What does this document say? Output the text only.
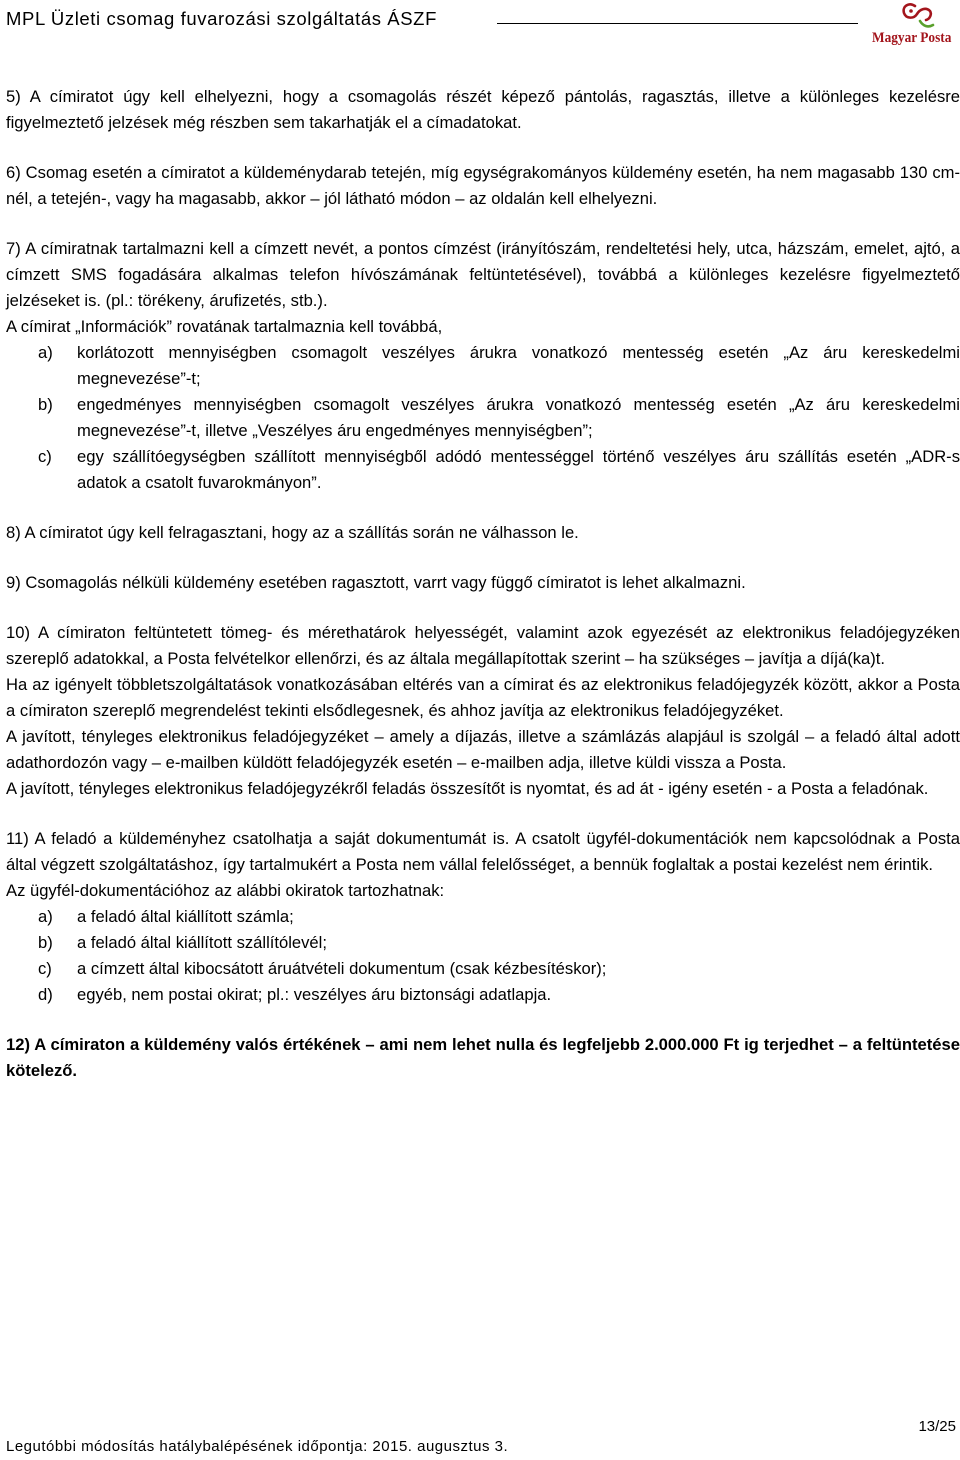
MPL Üzleti csomag fuvarozási szolgáltatás ÁSZF
Magyar Posta

5) A címiratot úgy kell elhelyezni, hogy a csomagolás részét képező pántolás, ragasztás, illetve a különleges kezelésre figyelmeztető jelzések még részben sem takarhatják el a címadatokat.

6) Csomag esetén a címiratot a küldeménydarab tetején, míg egységrakományos küldemény esetén, ha nem magasabb 130 cm-nél, a tetején-, vagy ha magasabb, akkor – jól látható módon – az oldalán kell elhelyezni.

7) A címiratnak tartalmazni kell a címzett nevét, a pontos címzést (irányítószám, rendeltetési hely, utca, házszám, emelet, ajtó, a címzett SMS fogadására alkalmas telefon hívószámának feltüntetésével), továbbá a különleges kezelésre figyelmeztető jelzéseket is. (pl.: törékeny, árufizetés, stb.).

A címirat „Információk” rovatának tartalmaznia kell továbbá,

a) korlátozott mennyiségben csomagolt veszélyes árukra vonatkozó mentesség esetén „Az áru kereskedelmi megnevezése”-t;
b) engedményes mennyiségben csomagolt veszélyes árukra vonatkozó mentesség esetén „Az áru kereskedelmi megnevezése”-t, illetve „Veszélyes áru engedményes mennyiségben”;
c) egy szállítóegységben szállított mennyiségből adódó mentességgel történő veszélyes áru szállítás esetén „ADR-s adatok a csatolt fuvarokmányon”.

8) A címiratot úgy kell felragasztani, hogy az a szállítás során ne válhasson le.

9) Csomagolás nélküli küldemény esetében ragasztott, varrt vagy függő címiratot is lehet alkalmazni.

10) A címiraton feltüntetett tömeg- és mérethatárok helyességét, valamint azok egyezését az elektronikus feladójegyzéken szereplő adatokkal, a Posta felvételkor ellenőrzi, és az általa megállapítottak szerint – ha szükséges – javítja a díjá(ka)t.

Ha az igényelt többletszolgáltatások vonatkozásában eltérés van a címirat és az elektronikus feladójegyzék között, akkor a Posta a címiraton szereplő megrendelést tekinti elsődlegesnek, és ahhoz javítja az elektronikus feladójegyzéket.

A javított, tényleges elektronikus feladójegyzéket – amely a díjazás, illetve a számlázás alapjául is szolgál – a feladó által adott adathordozón vagy – e-mailben küldött feladójegyzék esetén – e-mailben adja, illetve küldi vissza a Posta.

A javított, tényleges elektronikus feladójegyzékről feladás összesítőt is nyomtat, és ad át - igény esetén - a Posta a feladónak.

11) A feladó a küldeményhez csatolhatja a saját dokumentumát is. A csatolt ügyfél-dokumentációk nem kapcsolódnak a Posta által végzett szolgáltatáshoz, így tartalmukért a Posta nem vállal felelősséget, a bennük foglaltak a postai kezelést nem érintik.

Az ügyfél-dokumentációhoz az alábbi okiratok tartozhatnak:

a) a feladó által kiállított számla;
b) a feladó által kiállított szállítólevél;
c) a címzett által kibocsátott áruátvételi dokumentum (csak kézbesítéskor);
d) egyéb, nem postai okirat; pl.: veszélyes áru biztonsági adatlapja.

12) A címiraton a küldemény valós értékének – ami nem lehet nulla és legfeljebb 2.000.000 Ft ig terjedhet – a feltüntetése kötelező.

13/25
Legutóbbi módosítás hatálybalépésének időpontja: 2015. augusztus 3.
